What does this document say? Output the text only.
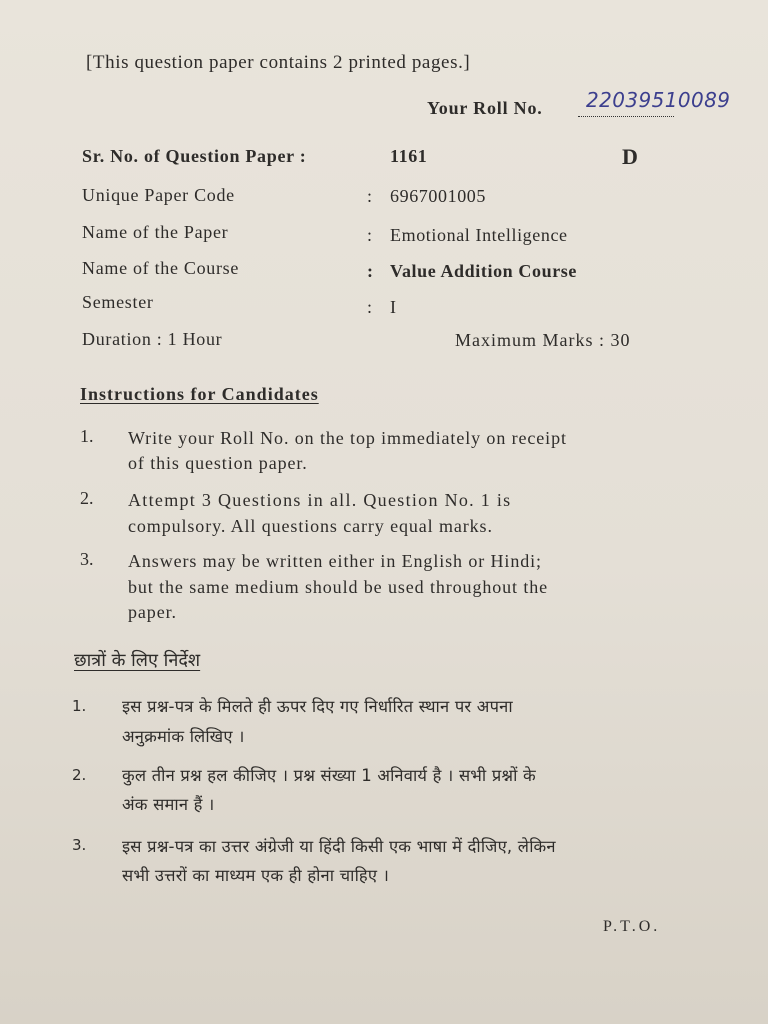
[This question paper contains 2 printed pages.]
Your Roll No. 22039510089
Sr. No. of Question Paper :	1161	D
Unique Paper Code	: 6967001005
Name of the Paper	: Emotional Intelligence
Name of the Course	: Value Addition Course
Semester	: I
Duration : 1 Hour	Maximum Marks : 30
Instructions for Candidates
1. Write your Roll No. on the top immediately on receipt
of this question paper.
2. Attempt 3 Questions in all. Question No. 1 is
compulsory. All questions carry equal marks.
3. Answers may be written either in English or Hindi;
but the same medium should be used throughout the
paper.
छात्रों के लिए निर्देश
1. इस प्रश्न-पत्र के मिलते ही ऊपर दिए गए निर्धारित स्थान पर अपना
अनुक्रमांक लिखिए ।
2. कुल तीन प्रश्न हल कीजिए । प्रश्न संख्या 1 अनिवार्य है । सभी प्रश्नों के
अंक समान हैं ।
3. इस प्रश्न-पत्र का उत्तर अंग्रेजी या हिंदी किसी एक भाषा में दीजिए, लेकिन
सभी उत्तरों का माध्यम एक ही होना चाहिए ।
P.T.O.
